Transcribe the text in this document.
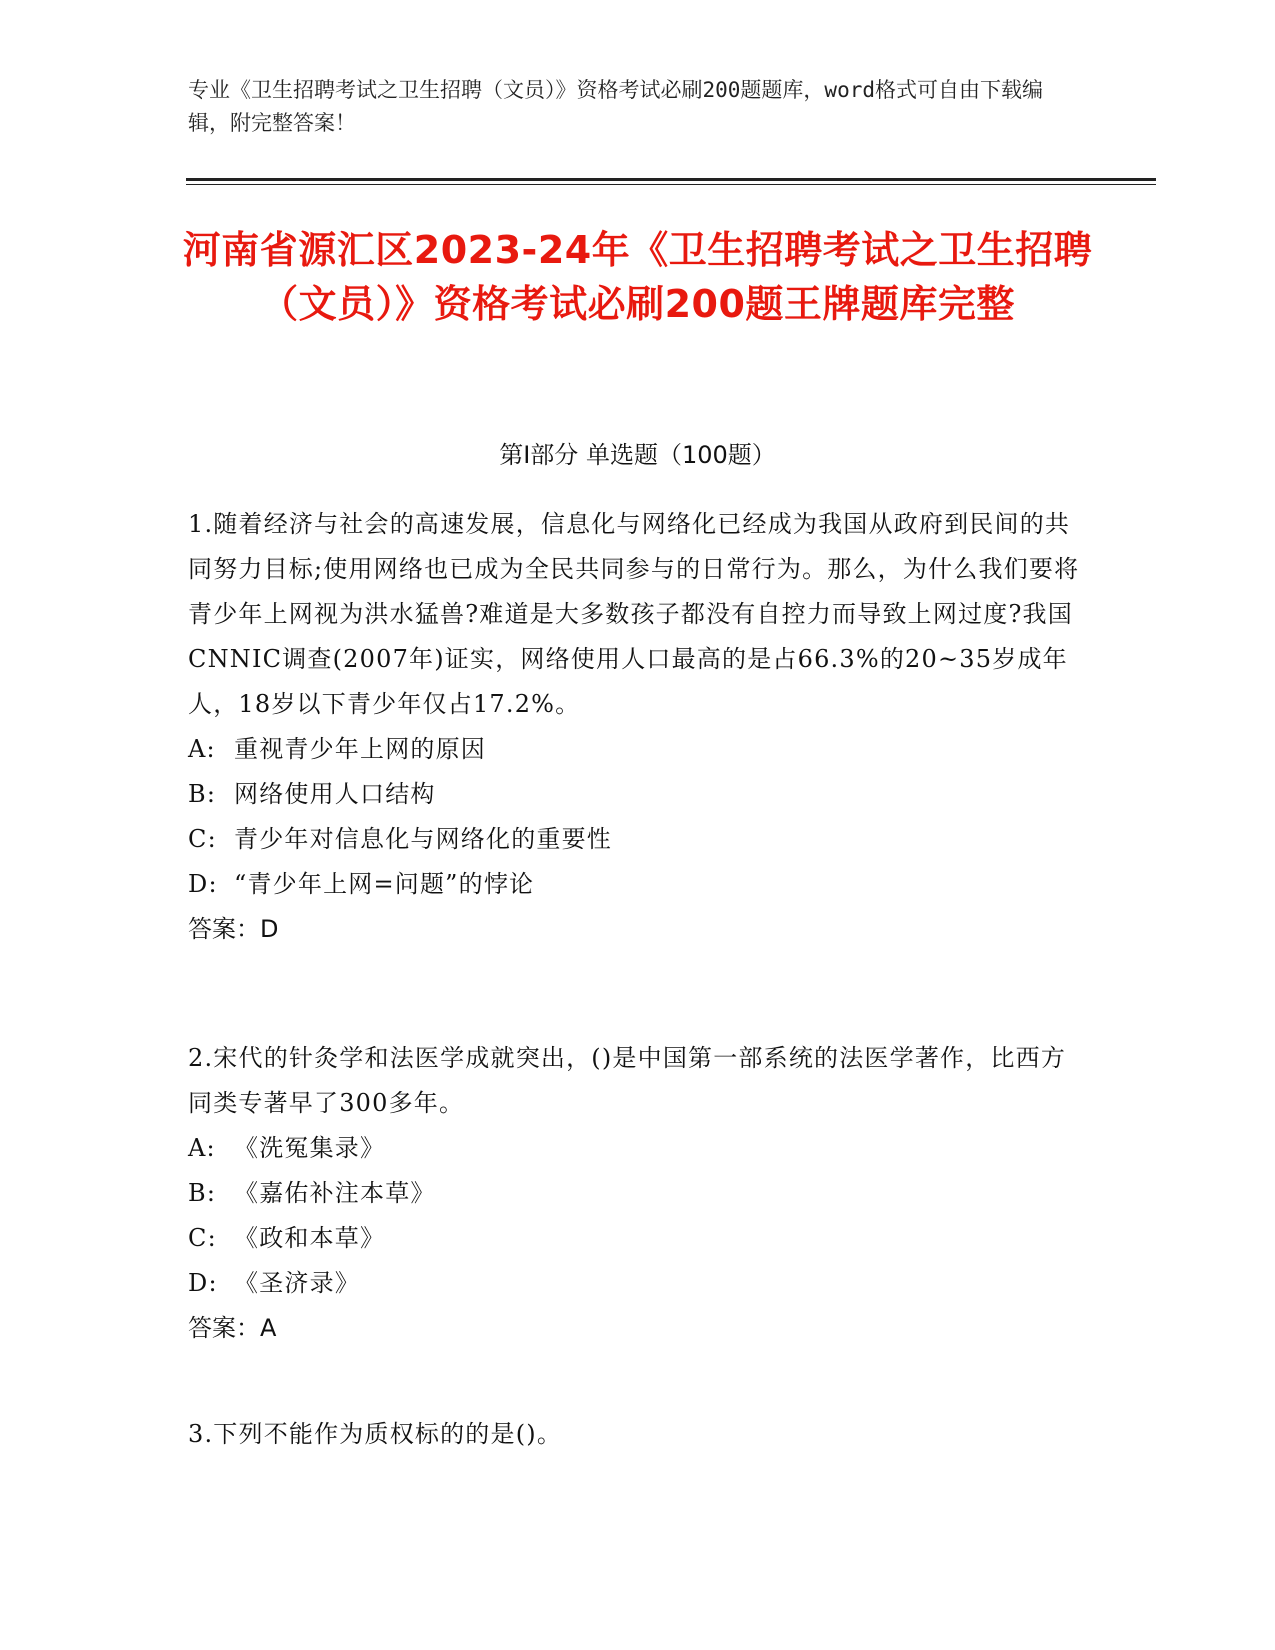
专业《卫生招聘考试之卫生招聘（文员）》资格考试必刷200题题库，word格式可自由下载编辑，附完整答案！
河南省源汇区2023-24年《卫生招聘考试之卫生招聘（文员）》资格考试必刷200题王牌题库完整
第I部分 单选题（100题）

1.随着经济与社会的高速发展，信息化与网络化已经成为我国从政府到民间的共同努力目标;使用网络也已成为全民共同参与的日常行为。那么，为什么我们要将青少年上网视为洪水猛兽?难道是大多数孩子都没有自控力而导致上网过度?我国CNNIC调查(2007年)证实，网络使用人口最高的是占66.3%的20~35岁成年人，18岁以下青少年仅占17.2%。

A: 重视青少年上网的原因
B: 网络使用人口结构
C: 青少年对信息化与网络化的重要性
D: “青少年上网=问题”的悖论
答案：D

2.宋代的针灸学和法医学成就突出，()是中国第一部系统的法医学著作，比西方同类专著早了300多年。

A: 《洗冤集录》
B: 《嘉佑补注本草》
C: 《政和本草》
D: 《圣济录》
答案：A

3.下列不能作为质权标的的是()。
